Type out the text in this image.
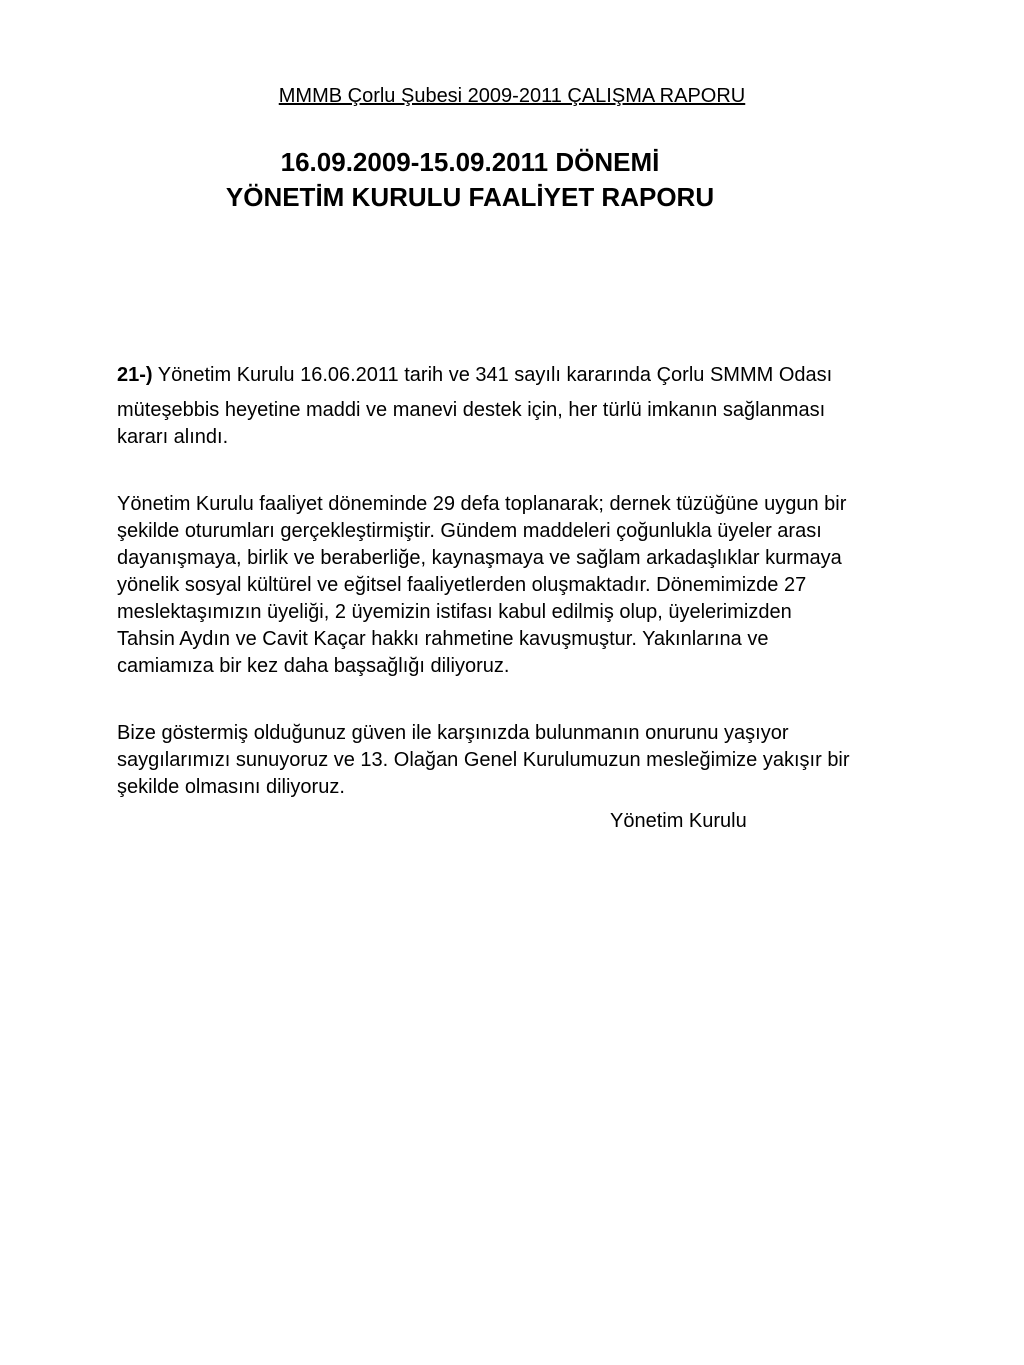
MMMB Çorlu Şubesi 2009-2011 ÇALIŞMA RAPORU
16.09.2009-15.09.2011 DÖNEMİ
YÖNETİM KURULU FAALİYET RAPORU
21-) Yönetim Kurulu 16.06.2011 tarih ve 341 sayılı kararında Çorlu SMMM Odası
müteşebbis heyetine maddi ve manevi destek için, her türlü imkanın sağlanması
kararı alındı.
Yönetim Kurulu faaliyet döneminde 29 defa toplanarak; dernek tüzüğüne uygun bir
şekilde oturumları gerçekleştirmiştir. Gündem maddeleri çoğunlukla üyeler arası
dayanışmaya, birlik ve beraberliğe, kaynaşmaya ve sağlam arkadaşlıklar kurmaya
yönelik sosyal kültürel ve eğitsel faaliyetlerden oluşmaktadır. Dönemimizde 27
meslektaşımızın üyeliği, 2 üyemizin istifası kabul edilmiş olup, üyelerimizden
Tahsin Aydın ve Cavit Kaçar hakkı rahmetine kavuşmuştur. Yakınlarına ve
camiamıza bir kez daha başsağlığı diliyoruz.
Bize göstermiş olduğunuz güven ile karşınızda bulunmanın onurunu yaşıyor
saygılarımızı sunuyoruz ve 13. Olağan Genel Kurulumuzun mesleğimize yakışır bir
şekilde olmasını diliyoruz.
Yönetim Kurulu
